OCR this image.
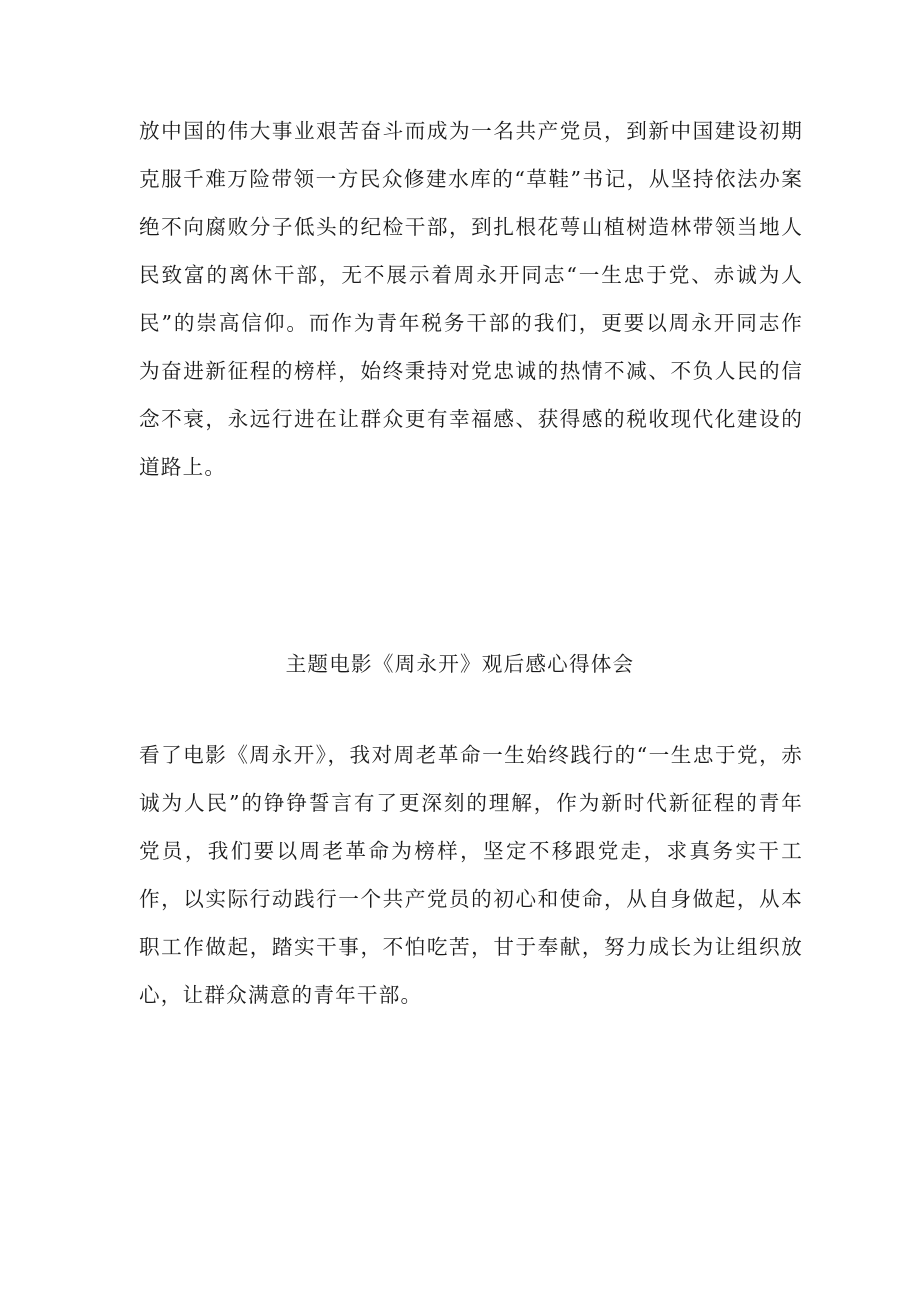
放中国的伟大事业艰苦奋斗而成为一名共产党员，到新中国建设初期克服千难万险带领一方民众修建水库的“草鞋”书记，从坚持依法办案绝不向腐败分子低头的纪检干部，到扎根花萼山植树造林带领当地人民致富的离休干部，无不展示着周永开同志“一生忠于党、赤诚为人民”的崇高信仰。而作为青年税务干部的我们，更要以周永开同志作为奋进新征程的榜样，始终秉持对党忠诚的热情不减、不负人民的信念不衰，永远行进在让群众更有幸福感、获得感的税收现代化建设的道路上。

主题电影《周永开》观后感心得体会

看了电影《周永开》，我对周老革命一生始终践行的“一生忠于党，赤诚为人民”的铮铮誓言有了更深刻的理解，作为新时代新征程的青年党员，我们要以周老革命为榜样，坚定不移跟党走，求真务实干工作，以实际行动践行一个共产党员的初心和使命，从自身做起，从本职工作做起，踏实干事，不怕吃苦，甘于奉献，努力成长为让组织放心，让群众满意的青年干部。
